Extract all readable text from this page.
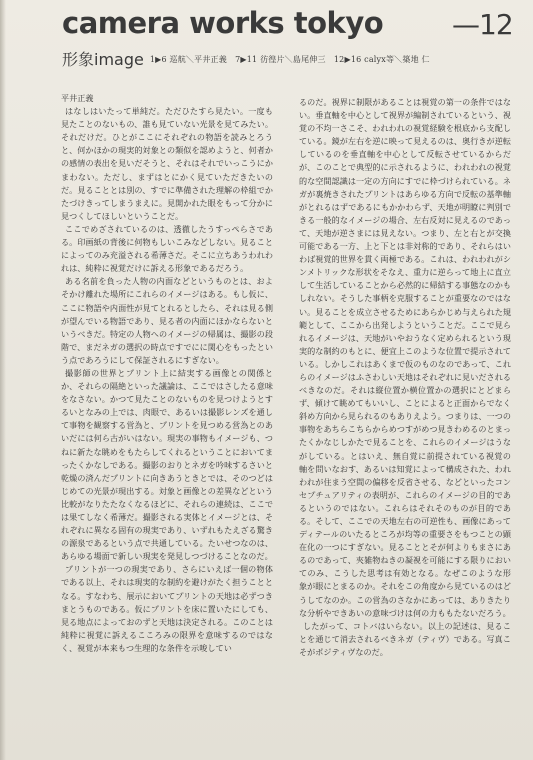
camera works tokyo —12
形象image 1▶6 巡航＼平井正義　7▶11 彷徨片＼島尾伸三　12▶16 calyx等＼築地 仁

平井正義

はなしはいたって単純だ。ただひたすら見たい。一度も見たことのないもの、誰も見ていない光景を見てみたい。それだけだ。ひとがここにそれぞれの物語を読みとろうと、何かほかの現実的対象との類似を認めようと、何者かの感情の表出を見いだそうと、それはそれでいっこうにかまわない。ただし、まずはとにかく見ていただきたいのだ。見ることとは別の、すでに準備された理解の枠組でかたづけきってしまうまえに。見開かれた眼をもって分かに見つくしてほしいということだ。

ここでめざされているのは、透徹したうすっぺらさである。印画紙の背後に何物もしいこみなどしない。見ることによってのみ充溢される希薄さだ。そこに立ちあうわれわれは、純粋に視覚だけに訴える形象であるだろう。

ある名前を負った人物の内面などというものとは、およそかけ離れた場所にこれらのイメージはある。もし仮に、ここに物語や内面性が見てとれるとしたら、それは見る側が望んでいる物語であり、見る者の内面にほかならないというべきだ。特定の人物へのイメージの帰属は、撮影の段階で、まだネガの選択の時点ですでにに関心をもったという点であろうにして保証されるにすぎない。

撮影師の世界とプリント上に結実する画像との関係とか、それらの隔絶といった議論は、ここではさしたる意味をなさない。かつて見たことのないものを見つけようとするいとなみの上では、肉眼で、あるいは撮影レンズを通して事物を観察する営為と、プリントを見つめる営為とのあいだには何ら古がいはない。現実の事物もイメージも、つねに新たな眺めをもたらしてくれるということにおいてまったくかなしである。撮影のおりとネガを吟味するさいと乾燥の済んだプリントに向きあうときとでは、そのつどはじめての光景が現出する。対象と画像との差異などという比較がなりたたなくなるほどに、それらの連続は、ここでは果てしなく希薄だ。撮影される実体とイメージとは、それぞれに異なる固有の現実であり、いずれもたえざる驚きの源泉であるという点で共通している。たいせつなのは、あらゆる場面で新しい現実を発見しつづけることなのだ。

プリントが一つの現実であり、さらにいえば一個の物体である以上、それは現実的な制約を避けがたく担うこととなる。すなわち、展示においてプリントの天地は必ずつきまとうものである。仮にプリントを床に置いたにしても、見る地点によっておのずと天地は決定される。このことは純粋に視覚に訴えるこころみの限界を意味するのではなく、視覚が本来もつ生理的な条件を示唆してい

るのだ。視界に制限があることは視覚の第一の条件ではない。垂直軸を中心として視界が編制されているという、視覚の不均一さこそ、われわれの視覚経験を根底から支配している。鏡が左右を逆に映って見えるのは、奥行きが逆転しているのを垂直軸を中心として反転させているからだが、このことで典型的に示されるように、われわれの視覚的な空間認識は一定の方向にすでに枠づけられている。ネガが裏焼きされたプリントはあらゆる方向で反転の基準軸がとれるはずであるにもかかわらず、天地が明瞭に判別できる一般的なイメージの場合、左右反対に見えるのであって、天地が逆さまには見えない。つまり、左と右とが交換可能である一方、上と下とは非対称的であり、それらはいわば視覚的世界を貫く両極である。これは、われわれがシンメトリックな形状をそなえ、重力に逆らって地上に直立して生活していることから必然的に帰結する事態なのかもしれない。そうした事柄を克服することが重要なのではない。見ることを成立させるためにあらかじめ与えられた規範として、ここから出発しようということだ。ここで見られるイメージは、天地がいやおうなく定められるという現実的な制約のもとに、便宜上このような位置で提示されている。しかしこれはあくまで仮のものなのであって、これらのイメージはふさわしい天地はそれぞれに見いだされるべきなのだ。それは縦位置か横位置かの選択にとどまらず、傾けて眺めてもいいし、ことによると正面からでなく斜め方向から見られるのもありえよう。つまりは、一つの事物をあちらこちらからめつすがめつ見きわめるのとまったくかなじしかたで見ることを、これらのイメージはうながしている。とはいえ、無自覚に前提されている視覚の軸を問いなおす、あるいは知覚によって構成された、われわれが住まう空間の偏移を反省させる、などといったコンセプチュアリティの表明が、これらのイメージの目的であるというのではない。これらはそれそのものが目的である。そして、ここでの天地左右の可逆性も、画像にあってディテールのいたるところが均等の重要さをもつことの顕在化の一つにすぎない。見ることとそが何よりもまさにあるのであって、夾雑物ねきの凝視を可能にする限りにおいてのみ、こうした思考は有効となる。なぜこのような形象が眼にとまるのか。それをこの角度から見ているのはどうしてなのか。この営為のさなかにあっては、ありきたりな分析やできあいの意味づけは何の力ももたないだろう。

したがって、コトバはいらない。以上の記述は、見ることを通じて消去されるべきネガ（ティヴ）である。写真こそがポジティヴなのだ。
